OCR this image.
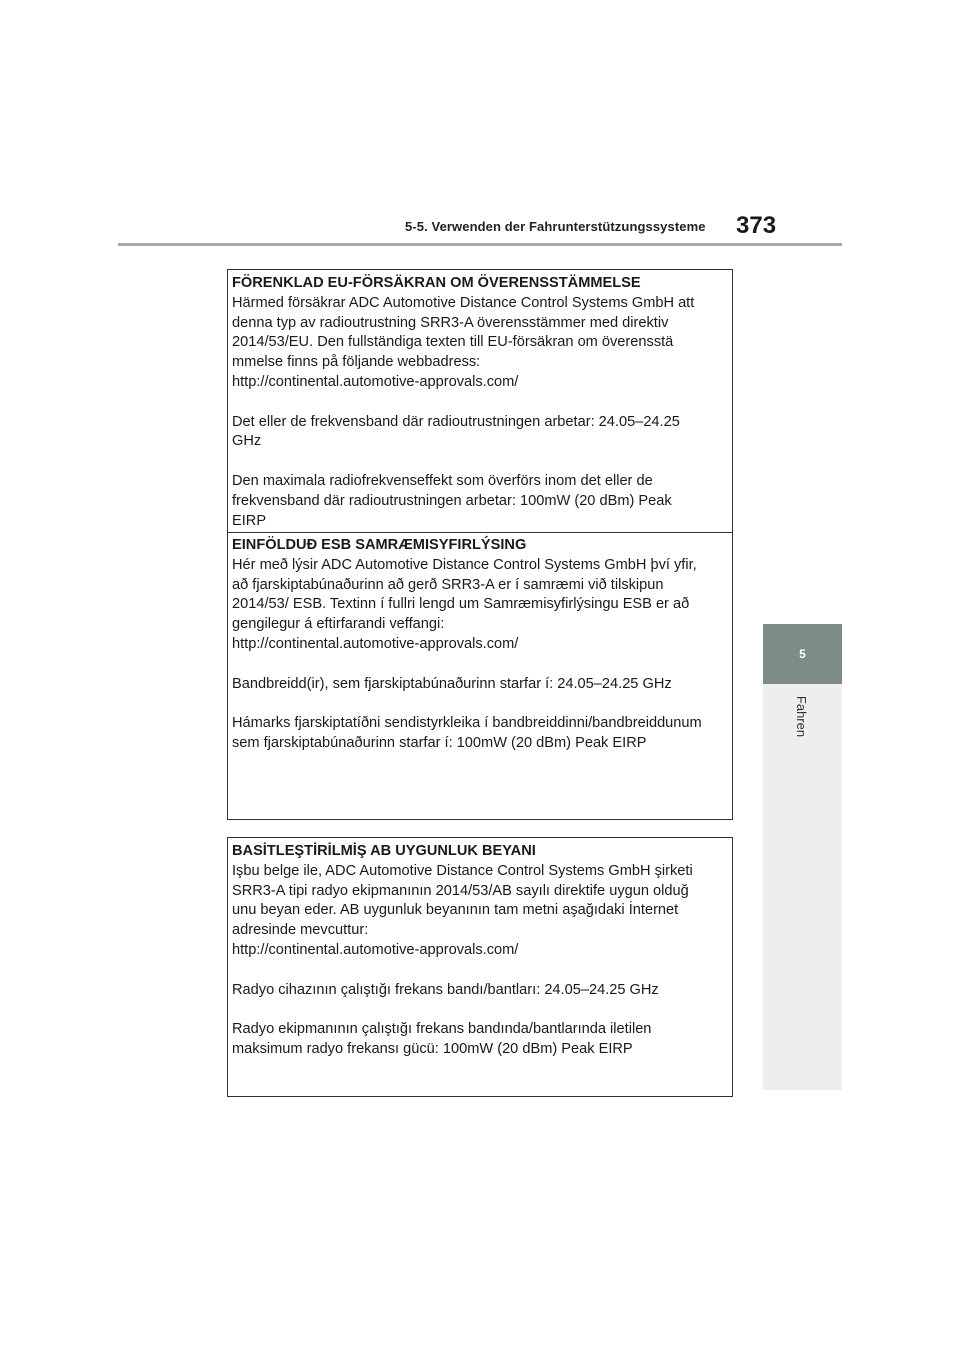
5-5. Verwenden der Fahrunterstützungssysteme 373
5
Fahren
FÖRENKLAD EU-FÖRSÄKRAN OM ÖVERENSSTÄMMELSE
Härmed försäkrar ADC Automotive Distance Control Systems GmbH att
denna typ av radioutrustning SRR3-A överensstämmer med direktiv
2014/53/EU. Den fullständiga texten till EU-försäkran om överensstä
mmelse finns på följande webbadress:
http://continental.automotive-approvals.com/
Det eller de frekvensband där radioutrustningen arbetar: 24.05–24.25
GHz
Den maximala radiofrekvenseffekt som överförs inom det eller de
frekvensband där radioutrustningen arbetar: 100mW (20 dBm) Peak
EIRP
EINFÖLDUÐ ESB SAMRÆMISYFIRLÝSING
Hér með lýsir ADC Automotive Distance Control Systems GmbH því yfir,
að fjarskiptabúnaðurinn að gerð SRR3-A er í samræmi við tilskipun
2014/53/ ESB. Textinn í fullri lengd um Samræmisyfirlýsingu ESB er að
gengilegur á eftirfarandi veffangi:
http://continental.automotive-approvals.com/
Bandbreidd(ir), sem fjarskiptabúnaðurinn starfar í: 24.05–24.25 GHz
Hámarks fjarskiptatíðni sendistyrkleika í bandbreiddinni/bandbreiddunum
sem fjarskiptabúnaðurinn starfar í: 100mW (20 dBm) Peak EIRP
BASİTLEŞTİRİLMİŞ AB UYGUNLUK BEYANI
Işbu belge ile, ADC Automotive Distance Control Systems GmbH şirketi
SRR3-A tipi radyo ekipmanının 2014/53/AB sayılı direktife uygun olduğ
unu beyan eder. AB uygunluk beyanının tam metni aşağıdaki İnternet
adresinde mevcuttur:
http://continental.automotive-approvals.com/
Radyo cihazının çalıştığı frekans bandı/bantları: 24.05–24.25 GHz
Radyo ekipmanının çalıştığı frekans bandında/bantlarında iletilen
maksimum radyo frekansı gücü: 100mW (20 dBm) Peak EIRP
